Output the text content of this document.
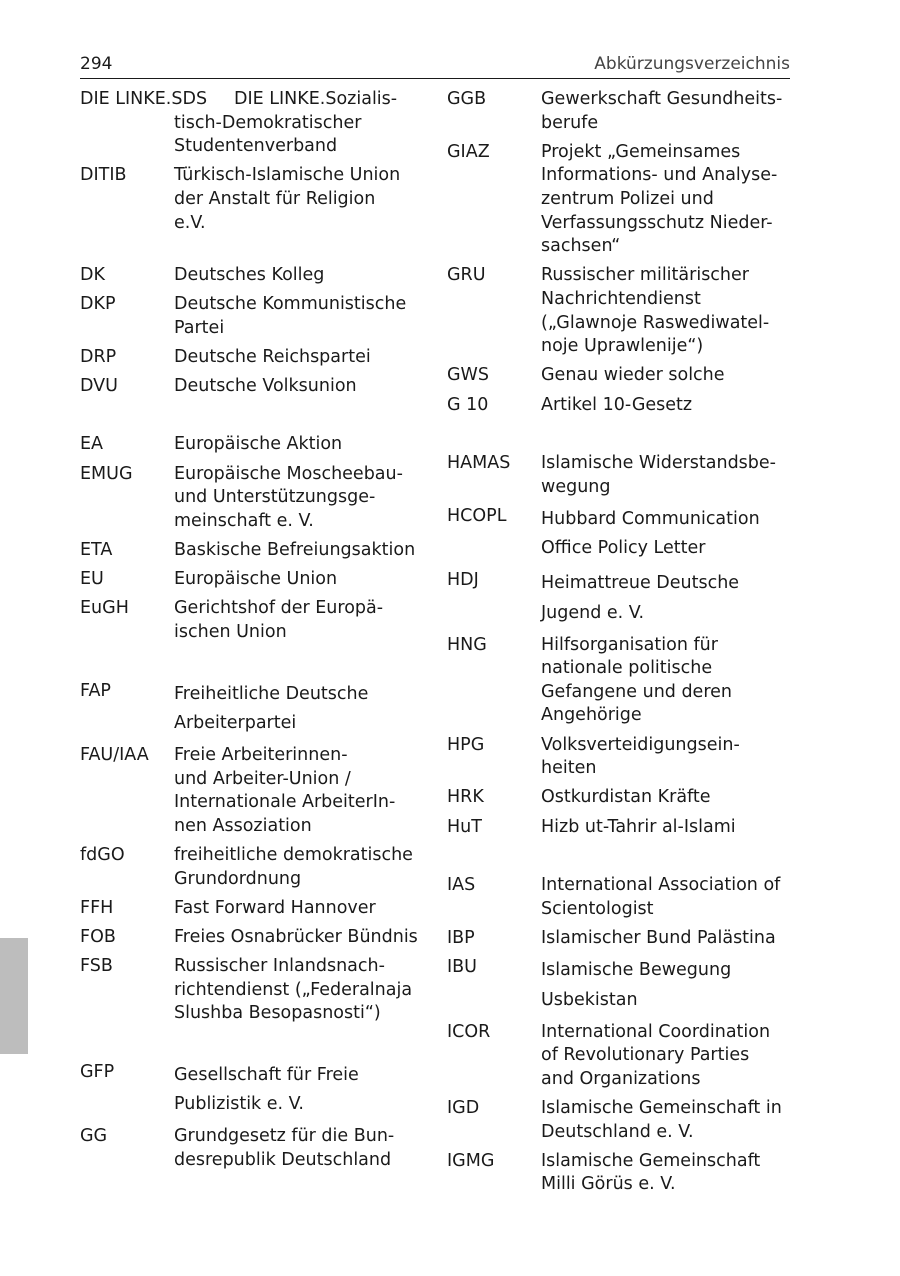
294	Abkürzungsverzeichnis
DIE LINKE.SDS	DIE LINKE.Sozialis-
tisch-Demokratischer
Studentenverband
DITIB	Türkisch-Islamische Union
der Anstalt für Religion
e.V.
DK	Deutsches Kolleg
DKP	Deutsche Kommunistische
Partei
DRP	Deutsche Reichspartei
DVU	Deutsche Volksunion
EA	Europäische Aktion
EMUG	Europäische Moscheebau-
und Unterstützungsge-
meinschaft e. V.
ETA	Baskische Befreiungsaktion
EU	Europäische Union
EuGH	Gerichtshof der Europä-
ischen Union
FAP	Freiheitliche Deutsche
Arbeiterpartei
FAU/IAA	Freie Arbeiterinnen-
und Arbeiter-Union /
Internationale ArbeiterIn-
nen Assoziation
fdGO	freiheitliche demokratische
Grundordnung
FFH	Fast Forward Hannover
FOB	Freies Osnabrücker Bündnis
FSB	Russischer Inlandsnach-
richtendienst („Federalnaja
Slushba Besopasnosti“)
GFP	Gesellschaft für Freie
Publizistik e. V.
GG	Grundgesetz für die Bun-
desrepublik Deutschland
GGB	Gewerkschaft Gesundheits-
berufe
GIAZ	Projekt „Gemeinsames
Informations- und Analyse-
zentrum Polizei und
Verfassungsschutz Nieder-
sachsen“
GRU	Russischer militärischer
Nachrichtendienst
(„Glawnoje Raswediwatel-
noje Uprawlenije“)
GWS	Genau wieder solche
G 10	Artikel 10-Gesetz
HAMAS	Islamische Widerstandsbe-
wegung
HCOPL	Hubbard Communication
Office Policy Letter
HDJ	Heimattreue Deutsche
Jugend e. V.
HNG	Hilfsorganisation für
nationale politische
Gefangene und deren
Angehörige
HPG	Volksverteidigungsein-
heiten
HRK	Ostkurdistan Kräfte
HuT	Hizb ut-Tahrir al-Islami
IAS	International Association of
Scientologist
IBP	Islamischer Bund Palästina
IBU	Islamische Bewegung
Usbekistan
ICOR	International Coordination
of Revolutionary Parties
and Organizations
IGD	Islamische Gemeinschaft in
Deutschland e. V.
IGMG	Islamische Gemeinschaft
Milli Görüs e. V.
